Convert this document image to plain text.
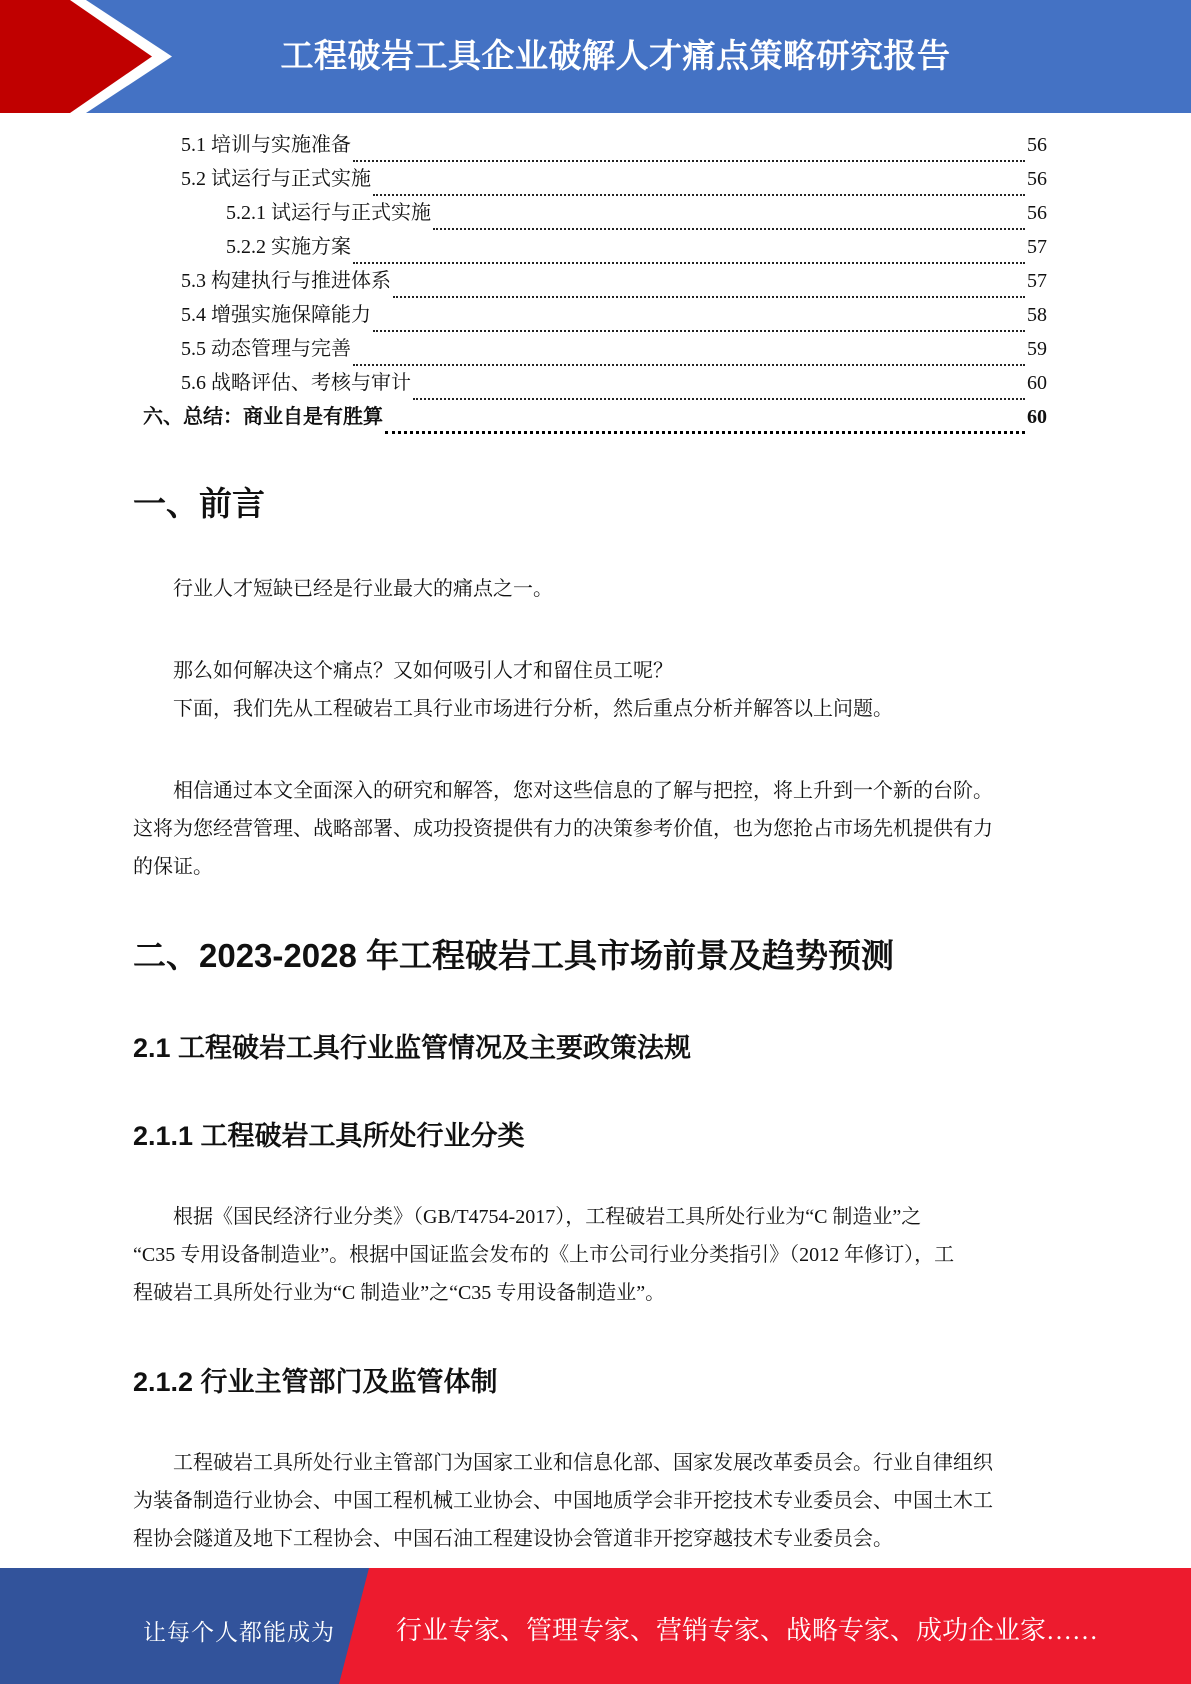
工程破岩工具企业破解人才痛点策略研究报告
5.1 培训与实施准备	56
5.2 试运行与正式实施	56
5.2.1 试运行与正式实施	56
5.2.2 实施方案	57
5.3 构建执行与推进体系	57
5.4 增强实施保障能力	58
5.5 动态管理与完善	59
5.6 战略评估、考核与审计	60
六、总结：商业自是有胜算	60
一、前言
行业人才短缺已经是行业最大的痛点之一。
那么如何解决这个痛点？又如何吸引人才和留住员工呢？
下面，我们先从工程破岩工具行业市场进行分析，然后重点分析并解答以上问题。
相信通过本文全面深入的研究和解答，您对这些信息的了解与把控，将上升到一个新的台阶。
这将为您经营管理、战略部署、成功投资提供有力的决策参考价值，也为您抢占市场先机提供有力
的保证。
二、2023-2028 年工程破岩工具市场前景及趋势预测
2.1 工程破岩工具行业监管情况及主要政策法规
2.1.1 工程破岩工具所处行业分类
根据《国民经济行业分类》（GB/T4754-2017），工程破岩工具所处行业为“C 制造业”之
“C35 专用设备制造业”。根据中国证监会发布的《上市公司行业分类指引》（2012 年修订），工
程破岩工具所处行业为“C 制造业”之“C35 专用设备制造业”。
2.1.2 行业主管部门及监管体制
工程破岩工具所处行业主管部门为国家工业和信息化部、国家发展改革委员会。行业自律组织
为装备制造行业协会、中国工程机械工业协会、中国地质学会非开挖技术专业委员会、中国土木工
程协会隧道及地下工程协会、中国石油工程建设协会管道非开挖穿越技术专业委员会。
让每个人都能成为 行业专家、管理专家、营销专家、战略专家、成功企业家……
